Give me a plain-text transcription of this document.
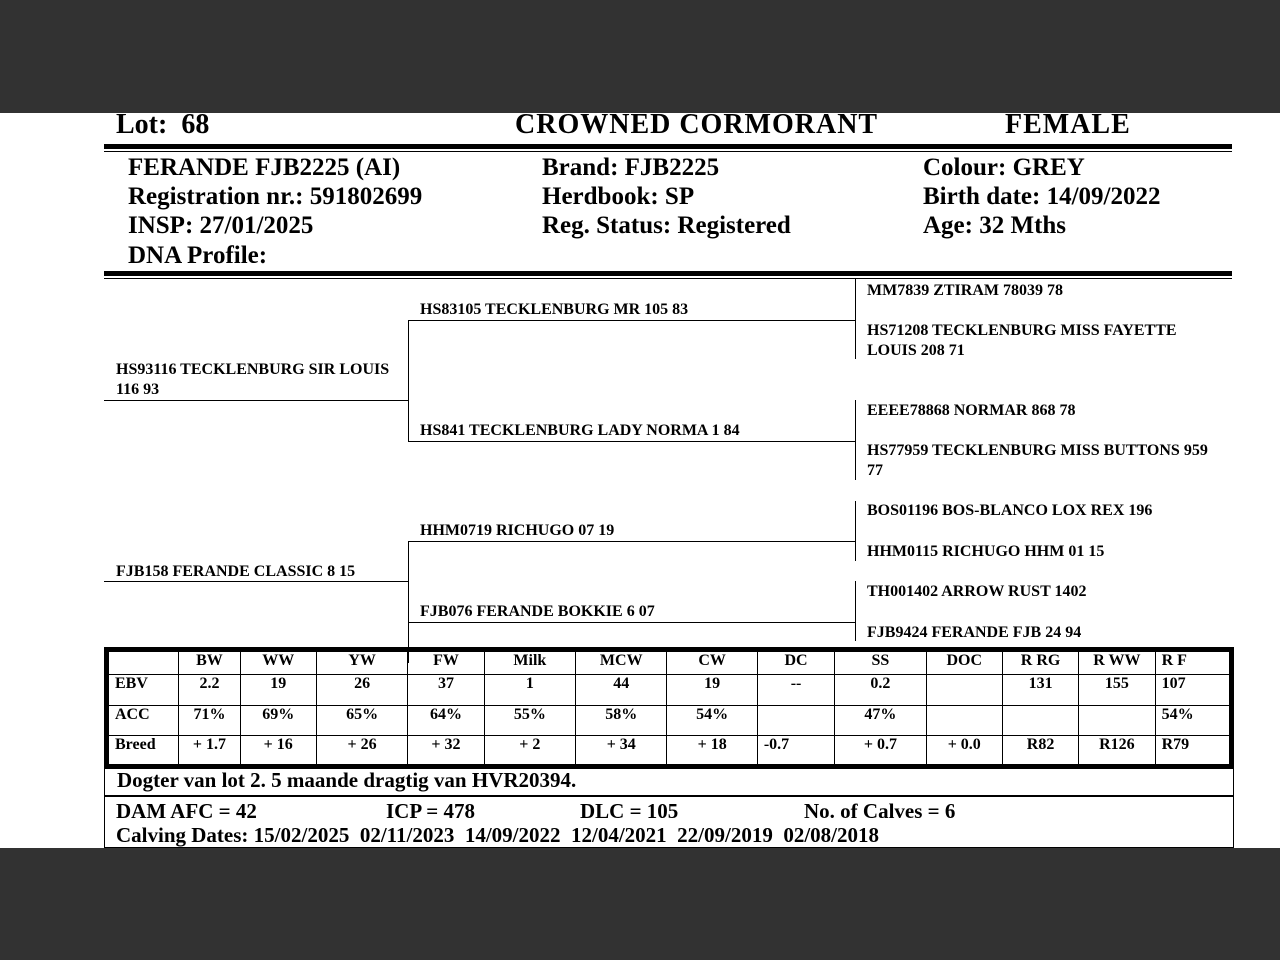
Lot: 68	CROWNED CORMORANT	FEMALE
FERANDE FJB2225 (AI)
Registration nr.: 591802699
INSP: 27/01/2025
DNA Profile:
Brand: FJB2225
Herdbook: SP
Reg. Status: Registered
Colour: GREY
Birth date: 14/09/2022
Age: 32 Mths
HS93116 TECKLENBURG SIR LOUIS 116 93
FJB158 FERANDE CLASSIC 8 15
HS83105 TECKLENBURG MR 105 83
HS841 TECKLENBURG LADY NORMA 1 84
HHM0719 RICHUGO 07 19
FJB076 FERANDE BOKKIE 6 07
MM7839 ZTIRAM 78039 78
HS71208 TECKLENBURG MISS FAYETTE LOUIS 208 71
EEEE78868 NORMAR 868 78
HS77959 TECKLENBURG MISS BUTTONS 959 77
BOS01196 BOS-BLANCO LOX REX 196
HHM0115 RICHUGO HHM 01 15
TH001402 ARROW RUST 1402
FJB9424 FERANDE FJB 24 94
	BW	WW	YW	FW	Milk	MCW	CW	DC	SS	DOC	R RG	R WW	R F
EBV	2.2	19	26	37	1	44	19	--	0.2		131	155	107
ACC	71%	69%	65%	64%	55%	58%	54%		47%				54%
Breed	+ 1.7	+ 16	+ 26	+ 32	+ 2	+ 34	+ 18	-0.7	+ 0.7	+ 0.0	R82	R126	R79
Dogter van lot 2. 5 maande dragtig van HVR20394.
DAM AFC = 42	ICP = 478	DLC = 105	No. of Calves = 6
Calving Dates: 15/02/2025  02/11/2023  14/09/2022  12/04/2021  22/09/2019  02/08/2018
